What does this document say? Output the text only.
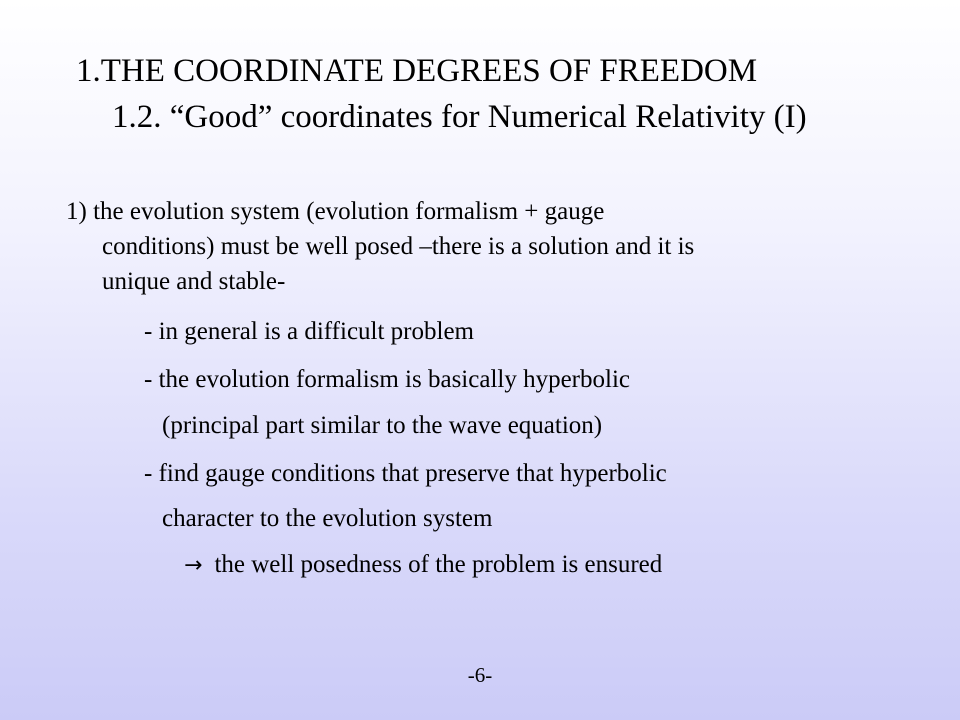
1.THE COORDINATE DEGREES OF FREEDOM
1.2. “Good” coordinates for Numerical Relativity (I)
1) the evolution system (evolution formalism + gauge
conditions) must be well posed –there is a solution and it is
unique and stable-
- in general is a difficult problem
- the evolution formalism is basically hyperbolic
(principal part similar to the wave equation)
- find gauge conditions that preserve that hyperbolic
character to the evolution system
→ the well posedness of the problem is ensured
-6-
